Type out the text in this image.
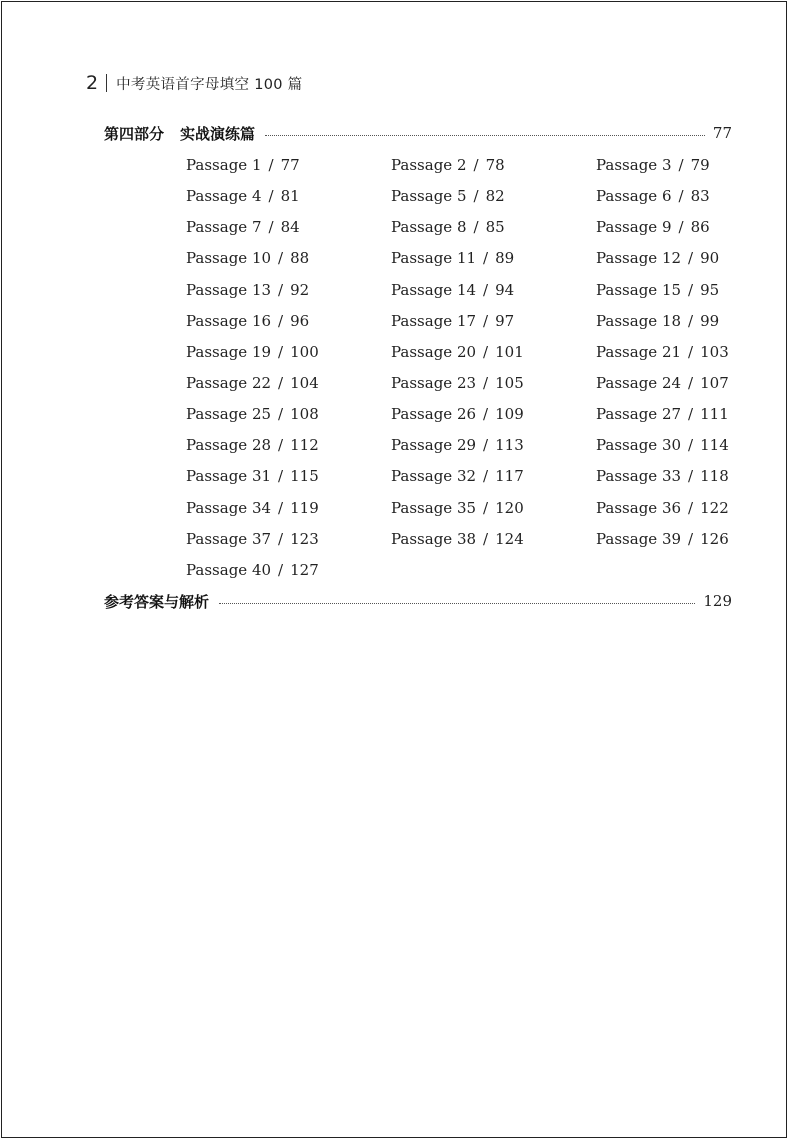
2 中考英语首字母填空 100 篇
第四部分 实战演练篇	77
Passage 1 / 77	Passage 2 / 78	Passage 3 / 79
Passage 4 / 81	Passage 5 / 82	Passage 6 / 83
Passage 7 / 84	Passage 8 / 85	Passage 9 / 86
Passage 10 / 88	Passage 11 / 89	Passage 12 / 90
Passage 13 / 92	Passage 14 / 94	Passage 15 / 95
Passage 16 / 96	Passage 17 / 97	Passage 18 / 99
Passage 19 / 100	Passage 20 / 101	Passage 21 / 103
Passage 22 / 104	Passage 23 / 105	Passage 24 / 107
Passage 25 / 108	Passage 26 / 109	Passage 27 / 111
Passage 28 / 112	Passage 29 / 113	Passage 30 / 114
Passage 31 / 115	Passage 32 / 117	Passage 33 / 118
Passage 34 / 119	Passage 35 / 120	Passage 36 / 122
Passage 37 / 123	Passage 38 / 124	Passage 39 / 126
Passage 40 / 127
参考答案与解析	129
